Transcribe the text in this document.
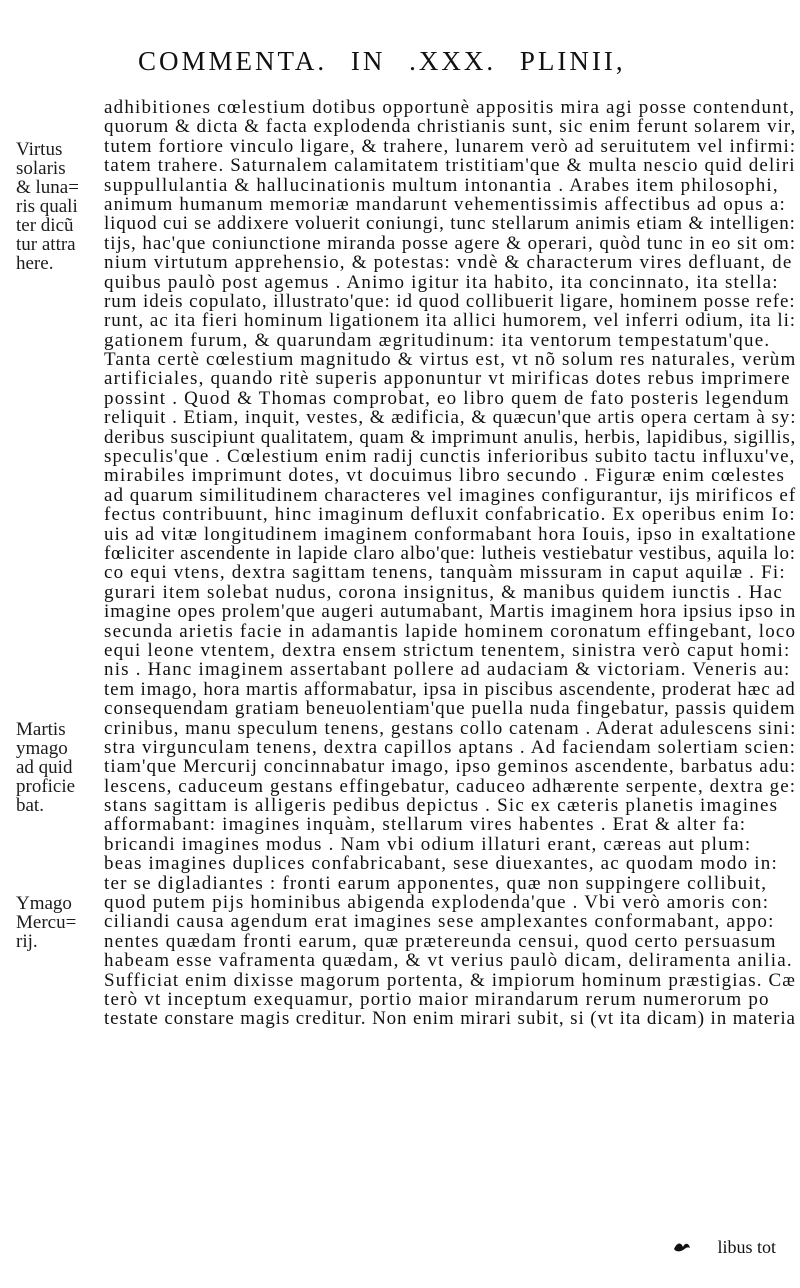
COMMENTA. IN .XXX. PLINII,
Virtus
solaris
& luna=
ris quali
ter dicũ
tur attra
here.
Martis
ymago
ad quid
proficie
bat.
Ymago
Mercu=
rij.
adhibitiones cœlestium dotibus opportunè appositis mira agi posse contendunt,
quorum & dicta & facta explodenda christianis sunt, sic enim ferunt solarem vir,
tutem fortiore vinculo ligare, & trahere, lunarem verò ad seruitutem vel infirmi:
tatem trahere. Saturnalem calamitatem tristitiam'que & multa nescio quid deliri
suppullulantia & hallucinationis multum intonantia . Arabes item philosophi,
animum humanum memoriæ mandarunt vehementissimis affectibus ad opus a:
liquod cui se addixere voluerit coniungi, tunc stellarum animis etiam & intelligen:
tijs, hac'que coniunctione miranda posse agere & operari, quòd tunc in eo sit om:
nium virtutum apprehensio, & potestas: vndè & characterum vires defluant, de
quibus paulò post agemus . Animo igitur ita habito, ita concinnato, ita stella:
rum ideis copulato, illustrato'que: id quod collibuerit ligare, hominem posse refe:
runt, ac ita fieri hominum ligationem ita allici humorem, vel inferri odium, ita li:
gationem furum, & quarundam ægritudinum: ita ventorum tempestatum'que.
Tanta certè cœlestium magnitudo & virtus est, vt nõ solum res naturales, verùm
artificiales, quando ritè superis apponuntur vt mirificas dotes rebus imprimere
possint . Quod & Thomas comprobat, eo libro quem de fato posteris legendum
reliquit . Etiam, inquit, vestes, & ædificia, & quæcun'que artis opera certam à sy:
deribus suscipiunt qualitatem, quam & imprimunt anulis, herbis, lapidibus, sigillis,
speculis'que . Cœlestium enim radij cunctis inferioribus subito tactu influxu've,
mirabiles imprimunt dotes, vt docuimus libro secundo . Figuræ enim cœlestes
ad quarum similitudinem characteres vel imagines configurantur, ijs mirificos ef
fectus contribuunt, hinc imaginum defluxit confabricatio. Ex operibus enim Io:
uis ad vitæ longitudinem imaginem conformabant hora Iouis, ipso in exaltatione
fœliciter ascendente in lapide claro albo'que: lutheis vestiebatur vestibus, aquila lo:
co equi vtens, dextra sagittam tenens, tanquàm missuram in caput aquilæ . Fi:
gurari item solebat nudus, corona insignitus, & manibus quidem iunctis . Hac
imagine opes prolem'que augeri autumabant, Martis imaginem hora ipsius ipso in
secunda arietis facie in adamantis lapide hominem coronatum effingebant, loco
equi leone vtentem, dextra ensem strictum tenentem, sinistra verò caput homi:
nis . Hanc imaginem assertabant pollere ad audaciam & victoriam. Veneris au:
tem imago, hora martis afformabatur, ipsa in piscibus ascendente, proderat hæc ad
consequendam gratiam beneuolentiam'que puella nuda fingebatur, passis quidem
crinibus, manu speculum tenens, gestans collo catenam . Aderat adulescens sini:
stra virgunculam tenens, dextra capillos aptans . Ad faciendam solertiam scien:
tiam'que Mercurij concinnabatur imago, ipso geminos ascendente, barbatus adu:
lescens, caduceum gestans effingebatur, caduceo adhærente serpente, dextra ge:
stans sagittam is alligeris pedibus depictus . Sic ex cæteris planetis imagines
afformabant: imagines inquàm, stellarum vires habentes . Erat & alter fa:
bricandi imagines modus . Nam vbi odium illaturi erant, cæreas aut plum:
beas imagines duplices confabricabant, sese diuexantes, ac quodam modo in:
ter se digladiantes : fronti earum apponentes, quæ non suppingere collibuit,
quod putem pijs hominibus abigenda explodenda'que . Vbi verò amoris con:
ciliandi causa agendum erat imagines sese amplexantes conformabant, appo:
nentes quædam fronti earum, quæ prætereunda censui, quod certo persuasum
habeam esse vaframenta quædam, & vt verius paulò dicam, deliramenta anilia.
Sufficiat enim dixisse magorum portenta, & impiorum hominum præstigias. Cæ
terò vt inceptum exequamur, portio maior mirandarum rerum numerorum po
testate constare magis creditur. Non enim mirari subit, si (vt ita dicam) in materia
libus tot
